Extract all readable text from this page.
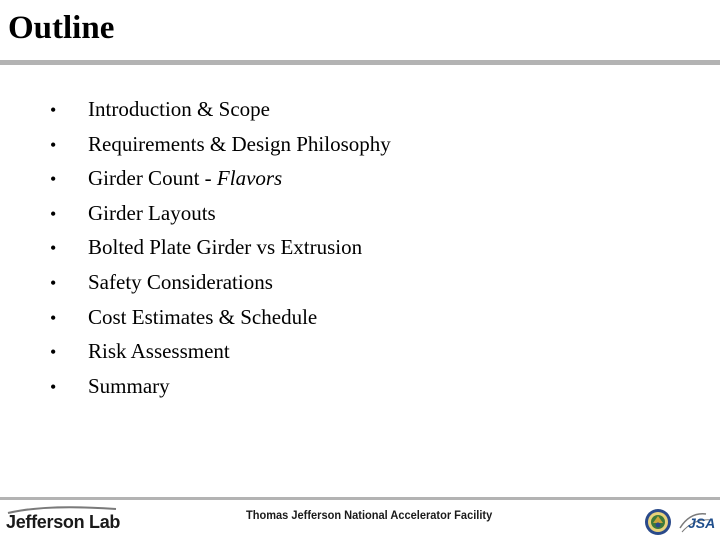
Outline
• Introduction & Scope
• Requirements & Design Philosophy
• Girder Count - Flavors
• Girder Layouts
• Bolted Plate Girder vs Extrusion
• Safety Considerations
• Cost Estimates & Schedule
• Risk Assessment
• Summary
Jefferson Lab	Thomas Jefferson National Accelerator Facility	JSA
